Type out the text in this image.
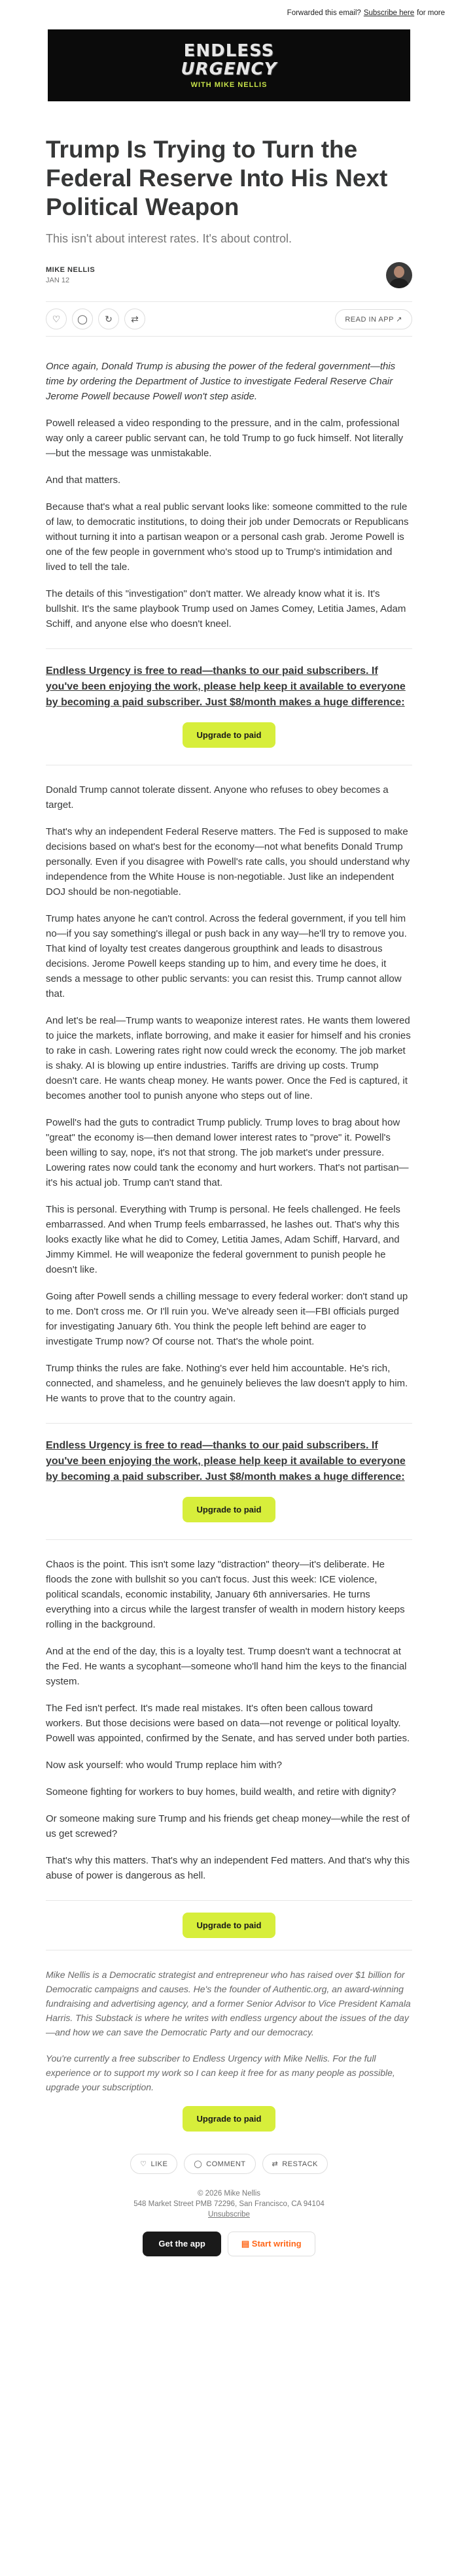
Forwarded this email? Subscribe here for more
ENDLESS
URGENCY
WITH MIKE NELLIS
Trump Is Trying to Turn the Federal Reserve Into His Next Political Weapon
This isn't about interest rates. It's about control.
MIKE NELLIS
JAN 12
♡ ◯ ↻ ⇄	READ IN APP ↗

Once again, Donald Trump is abusing the power of the federal government—this time by ordering the Department of Justice to investigate Federal Reserve Chair Jerome Powell because Powell won't step aside.

Powell released a video responding to the pressure, and in the calm, professional way only a career public servant can, he told Trump to go fuck himself. Not literally—but the message was unmistakable.

And that matters.

Because that's what a real public servant looks like: someone committed to the rule of law, to democratic institutions, to doing their job under Democrats or Republicans without turning it into a partisan weapon or a personal cash grab. Jerome Powell is one of the few people in government who's stood up to Trump's intimidation and lived to tell the tale.

The details of this "investigation" don't matter. We already know what it is. It's bullshit. It's the same playbook Trump used on James Comey, Letitia James, Adam Schiff, and anyone else who doesn't kneel.

Endless Urgency is free to read—thanks to our paid subscribers. If you've been enjoying the work, please help keep it available to everyone by becoming a paid subscriber. Just $8/month makes a huge difference:

Upgrade to paid

Donald Trump cannot tolerate dissent. Anyone who refuses to obey becomes a target.

That's why an independent Federal Reserve matters. The Fed is supposed to make decisions based on what's best for the economy—not what benefits Donald Trump personally. Even if you disagree with Powell's rate calls, you should understand why independence from the White House is non-negotiable. Just like an independent DOJ should be non-negotiable.

Trump hates anyone he can't control. Across the federal government, if you tell him no—if you say something's illegal or push back in any way—he'll try to remove you. That kind of loyalty test creates dangerous groupthink and leads to disastrous decisions. Jerome Powell keeps standing up to him, and every time he does, it sends a message to other public servants: you can resist this. Trump cannot allow that.

And let's be real—Trump wants to weaponize interest rates. He wants them lowered to juice the markets, inflate borrowing, and make it easier for himself and his cronies to rake in cash. Lowering rates right now could wreck the economy. The job market is shaky. AI is blowing up entire industries. Tariffs are driving up costs. Trump doesn't care. He wants cheap money. He wants power. Once the Fed is captured, it becomes another tool to punish anyone who steps out of line.

Powell's had the guts to contradict Trump publicly. Trump loves to brag about how "great" the economy is—then demand lower interest rates to "prove" it. Powell's been willing to say, nope, it's not that strong. The job market's under pressure. Lowering rates now could tank the economy and hurt workers. That's not partisan—it's his actual job. Trump can't stand that.

This is personal. Everything with Trump is personal. He feels challenged. He feels embarrassed. And when Trump feels embarrassed, he lashes out. That's why this looks exactly like what he did to Comey, Letitia James, Adam Schiff, Harvard, and Jimmy Kimmel. He will weaponize the federal government to punish people he doesn't like.

Going after Powell sends a chilling message to every federal worker: don't stand up to me. Don't cross me. Or I'll ruin you. We've already seen it—FBI officials purged for investigating January 6th. You think the people left behind are eager to investigate Trump now? Of course not. That's the whole point.

Trump thinks the rules are fake. Nothing's ever held him accountable. He's rich, connected, and shameless, and he genuinely believes the law doesn't apply to him. He wants to prove that to the country again.

Endless Urgency is free to read—thanks to our paid subscribers. If you've been enjoying the work, please help keep it available to everyone by becoming a paid subscriber. Just $8/month makes a huge difference:

Upgrade to paid

Chaos is the point. This isn't some lazy "distraction" theory—it's deliberate. He floods the zone with bullshit so you can't focus. Just this week: ICE violence, political scandals, economic instability, January 6th anniversaries. He turns everything into a circus while the largest transfer of wealth in modern history keeps rolling in the background.

And at the end of the day, this is a loyalty test. Trump doesn't want a technocrat at the Fed. He wants a sycophant—someone who'll hand him the keys to the financial system.

The Fed isn't perfect. It's made real mistakes. It's often been callous toward workers. But those decisions were based on data—not revenge or political loyalty. Powell was appointed, confirmed by the Senate, and has served under both parties.

Now ask yourself: who would Trump replace him with?

Someone fighting for workers to buy homes, build wealth, and retire with dignity?

Or someone making sure Trump and his friends get cheap money—while the rest of us get screwed?

That's why this matters. That's why an independent Fed matters. And that's why this abuse of power is dangerous as hell.

Upgrade to paid

Mike Nellis is a Democratic strategist and entrepreneur who has raised over $1 billion for Democratic campaigns and causes. He's the founder of Authentic.org, an award-winning fundraising and advertising agency, and a former Senior Advisor to Vice President Kamala Harris. This Substack is where he writes with endless urgency about the issues of the day—and how we can save the Democratic Party and our democracy.

You're currently a free subscriber to Endless Urgency with Mike Nellis. For the full experience or to support my work so I can keep it free for as many people as possible, upgrade your subscription.

Upgrade to paid
♡ LIKE	◯ COMMENT	⇄ RESTACK
© 2026 Mike Nellis
548 Market Street PMB 72296, San Francisco, CA 94104
Unsubscribe
Get the app	▤ Start writing
